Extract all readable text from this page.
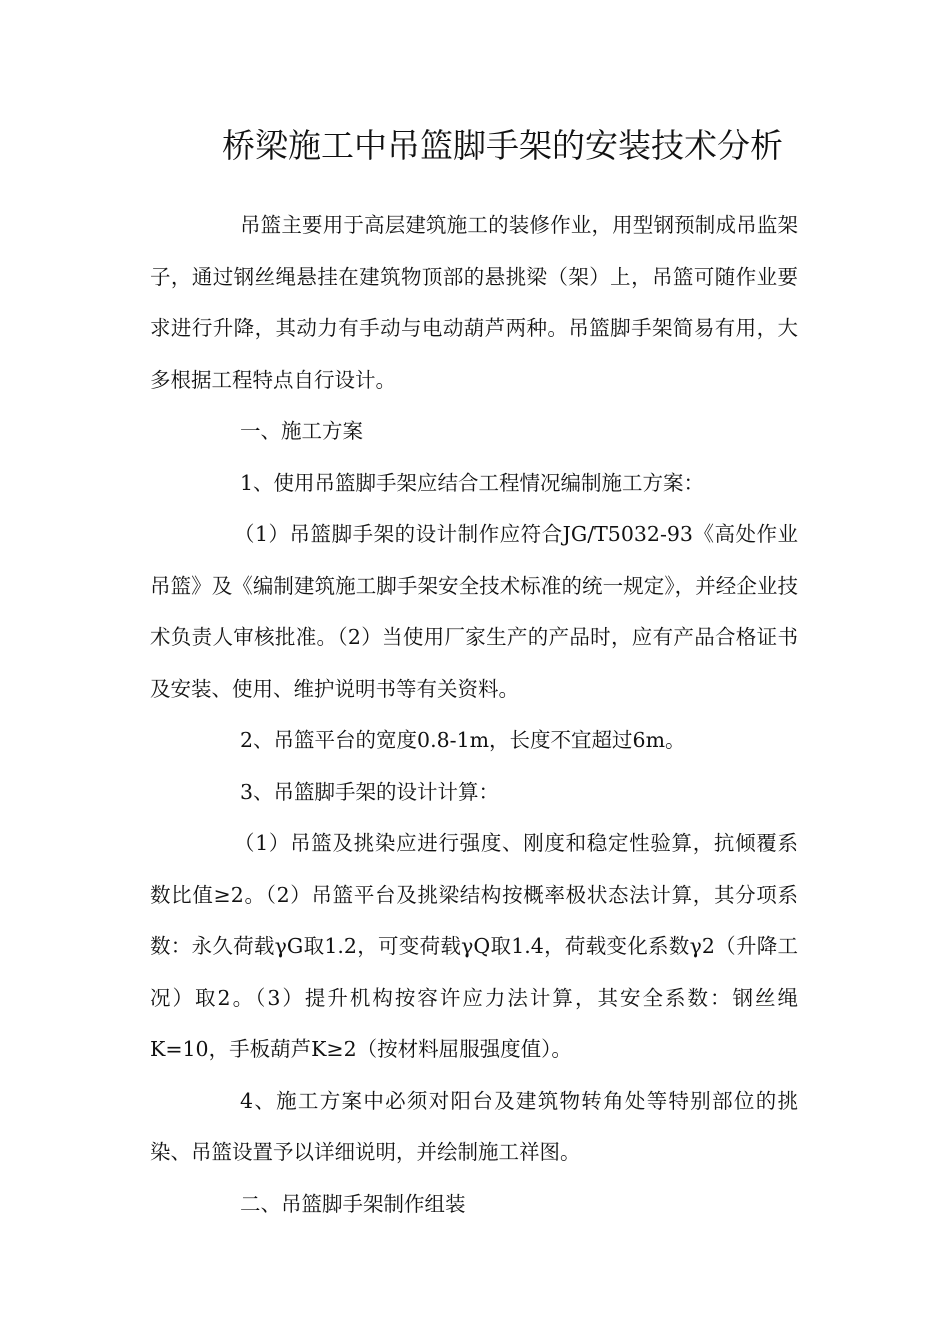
桥梁施工中吊篮脚手架的安装技术分析

吊篮主要用于高层建筑施工的装修作业，用型钢预制成吊监架子，通过钢丝绳悬挂在建筑物顶部的悬挑梁（架）上，吊篮可随作业要求进行升降，其动力有手动与电动葫芦两种。吊篮脚手架简易有用，大多根据工程特点自行设计。

一、施工方案

1、使用吊篮脚手架应结合工程情况编制施工方案：

（1）吊篮脚手架的设计制作应符合JG/T5032-93《高处作业吊篮》及《编制建筑施工脚手架安全技术标准的统一规定》，并经企业技术负责人审核批准。（2）当使用厂家生产的产品时，应有产品合格证书及安装、使用、维护说明书等有关资料。

2、吊篮平台的宽度0.8-1m，长度不宜超过6m。

3、吊篮脚手架的设计计算：

（1）吊篮及挑染应进行强度、刚度和稳定性验算，抗倾覆系数比值≥2。（2）吊篮平台及挑梁结构按概率极状态法计算，其分项系数：永久荷载γG取1.2，可变荷载γQ取1.4，荷载变化系数γ2（升降工况）取2。（3）提升机构按容许应力法计算，其安全系数：钢丝绳K=10，手板葫芦K≥2（按材料屈服强度值）。

4、施工方案中必须对阳台及建筑物转角处等特别部位的挑染、吊篮设置予以详细说明，并绘制施工祥图。

二、吊篮脚手架制作组装
